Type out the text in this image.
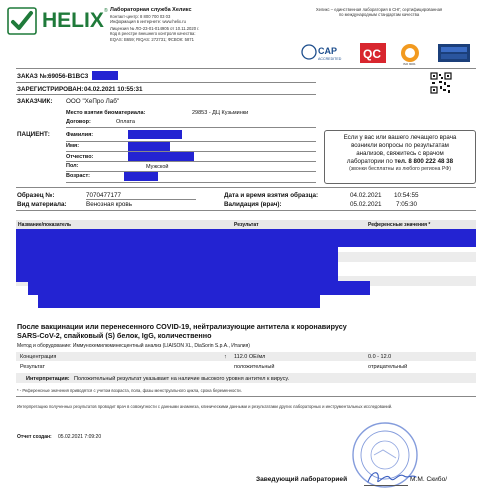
HELIX ® Лабораторная служба Хеликс
Контакт-центр: 8 800 700 03 03
Информация в интернете: www.helix.ru
Лицензия № ЛО-23-01-014905 от 10.11.2020 г.
Код в реестре внешнего контроля качества:
EQAS: B659; RIQAS: 272731; ФСВОК: 5871
Хеликс – единственная лаборатория в СНГ, сертифицированная
по международным стандартам качества
CAP
ACCREDITED QC
ISO 9001
ЗАКАЗ №: 69056-B1BC3
ЗАРЕГИСТРИРОВАН: 04.02.2021 10:55:31
ЗАКАЗЧИК: ООО "ХеПро Лаб"
Место взятия биоматериала:	29853 - ДЦ Кузьминки
Договор:	Оплата
ПАЦИЕНТ:	Фамилия:
Имя:
Отчество:
Пол:	Мужской
Возраст:
Если у вас или вашего лечащего врача
возникли вопросы по результатам
анализов, свяжитесь с врачом
лаборатории по тел. 8 800 222 48 38
(звонки бесплатны из любого региона РФ)
Образец №:	7070477177
Вид материала:	Венозная кровь
Дата и время взятия образца:	04.02.2021 10:54:55
Валидация (врач):	05.02.2021 7:05:30
Название/показатель	Результат	Референсные значения *
После вакцинации или перенесенного COVID-19, нейтрализующие антитела к коронавирусу
SARS-CoV-2, спайковый (S) белок, IgG, количественно
Метод и оборудование: Иммунохемилюминесцентный анализ (LIAISON XL, DiaSorin S.p.A., Италия)
Концентрация	↑ 112.0 ОЕ/мл	0.0 - 12.0
Результат	положительный	отрицательный
Интерпретация: Положительный результат указывает на наличие высокого уровня антител к вирусу.
* - Референсные значения приводятся с учетом возраста, пола, фазы менструального цикла, срока беременности.
Интерпретацию полученных результатов проводит врач в совокупности с данными анамнеза, клиническими данными и результатами других лабораторных и инструментальных исследований.
Отчет создан: 05.02.2021 7:09:20
Заведующий лабораторией	М.М. Скибо/
